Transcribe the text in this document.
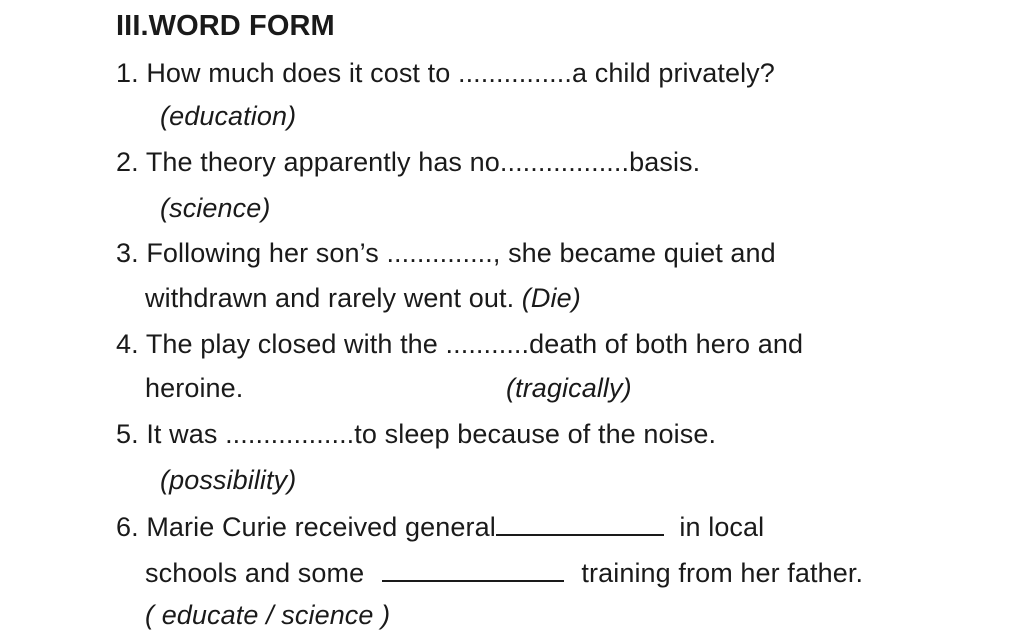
III.WORD FORM
1. How much does it cost to ...............a child privately?
(education)
2. The theory apparently has no.................basis.
(science)
3. Following her son’s .............., she became quiet and
withdrawn and rarely went out. (Die)
4. The play closed with the ...........death of both hero and
heroine.	(tragically)
5. It was .................to sleep because of the noise.
(possibility)
6. Marie Curie received general	in local
schools and some	training from her father.
( educate / science )
